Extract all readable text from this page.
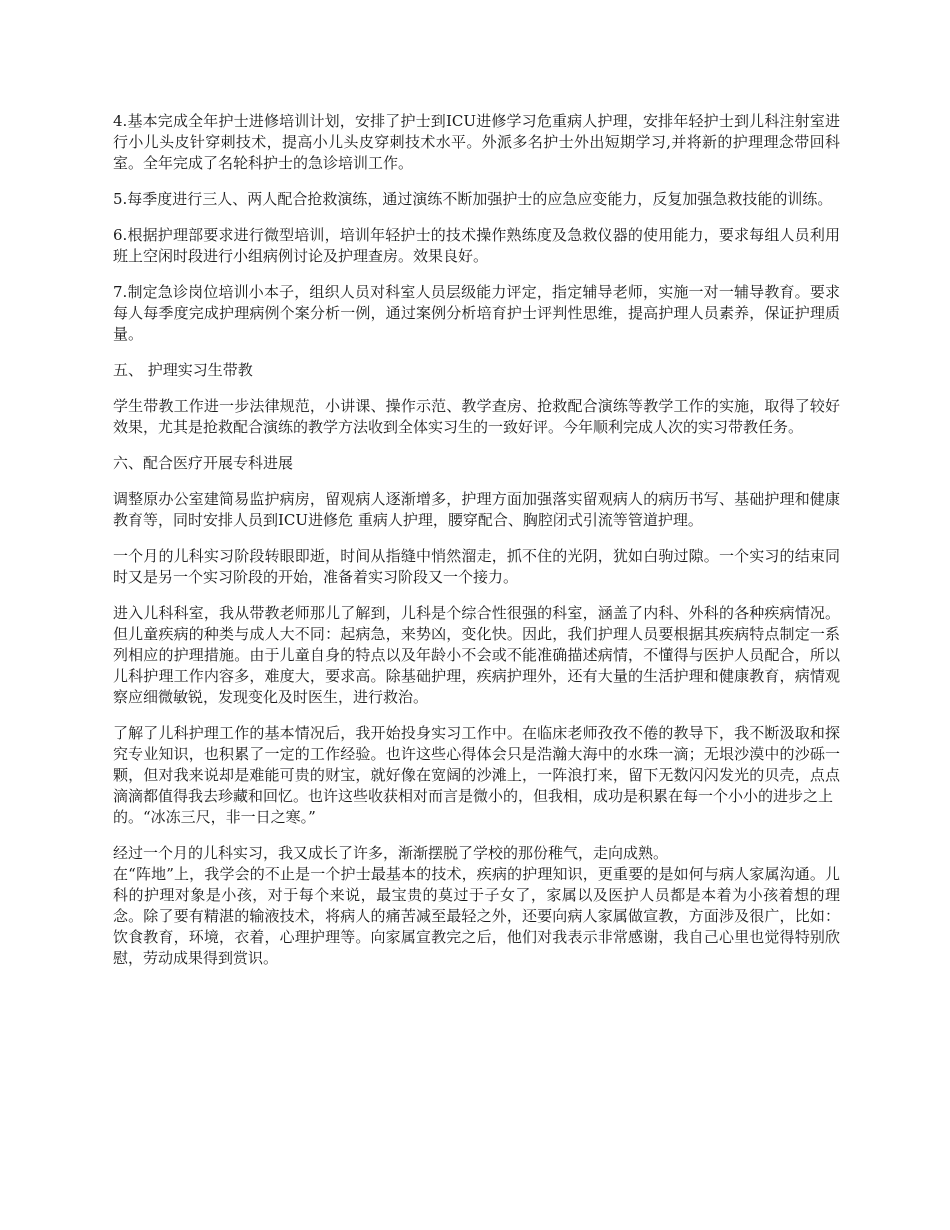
4.基本完成全年护士进修培训计划，安排了护士到ICU进修学习危重病人护理，安排年轻护士到儿科注射室进行小儿头皮针穿刺技术，提高小儿头皮穿刺技术水平。外派多名护士外出短期学习,并将新的护理理念带回科室。全年完成了名轮科护士的急诊培训工作。

5.每季度进行三人、两人配合抢救演练，通过演练不断加强护士的应急应变能力，反复加强急救技能的训练。

6.根据护理部要求进行微型培训，培训年轻护士的技术操作熟练度及急救仪器的使用能力，要求每组人员利用班上空闲时段进行小组病例讨论及护理查房。效果良好。

7.制定急诊岗位培训小本子，组织人员对科室人员层级能力评定，指定辅导老师，实施一对一辅导教育。要求每人每季度完成护理病例个案分析一例，通过案例分析培育护士评判性思维，提高护理人员素养，保证护理质量。

五、 护理实习生带教

学生带教工作进一步法律规范，小讲课、操作示范、教学查房、抢救配合演练等教学工作的实施，取得了较好效果，尤其是抢救配合演练的教学方法收到全体实习生的一致好评。今年顺利完成人次的实习带教任务。

六、配合医疗开展专科进展

调整原办公室建简易监护病房，留观病人逐渐增多，护理方面加强落实留观病人的病历书写、基础护理和健康教育等，同时安排人员到ICU进修危 重病人护理，腰穿配合、胸腔闭式引流等管道护理。

一个月的儿科实习阶段转眼即逝，时间从指缝中悄然溜走，抓不住的光阴，犹如白驹过隙。一个实习的结束同时又是另一个实习阶段的开始，准备着实习阶段又一个接力。

进入儿科科室，我从带教老师那儿了解到，儿科是个综合性很强的科室，涵盖了内科、外科的各种疾病情况。但儿童疾病的种类与成人大不同：起病急，来势凶，变化快。因此，我们护理人员要根据其疾病特点制定一系列相应的护理措施。由于儿童自身的特点以及年龄小不会或不能准确描述病情，不懂得与医护人员配合，所以儿科护理工作内容多，难度大，要求高。除基础护理，疾病护理外，还有大量的生活护理和健康教育，病情观察应细微敏锐，发现变化及时医生，进行救治。

了解了儿科护理工作的基本情况后，我开始投身实习工作中。在临床老师孜孜不倦的教导下，我不断汲取和探究专业知识，也积累了一定的工作经验。也许这些心得体会只是浩瀚大海中的水珠一滴；无垠沙漠中的沙砾一颗，但对我来说却是难能可贵的财宝，就好像在宽阔的沙滩上，一阵浪打来，留下无数闪闪发光的贝壳，点点滴滴都值得我去珍藏和回忆。也许这些收获相对而言是微小的，但我相，成功是积累在每一个小小的进步之上
的。“冰冻三尺，非一日之寒。”

经过一个月的儿科实习，我又成长了许多，渐渐摆脱了学校的那份稚气，走向成熟。
在“阵地”上，我学会的不止是一个护士最基本的技术，疾病的护理知识，更重要的是如何与病人家属沟通。儿科的护理对象是小孩，对于每个来说，最宝贵的莫过于子女了，家属以及医护人员都是本着为小孩着想的理念。除了要有精湛的输液技术，将病人的痛苦减至最轻之外，还要向病人家属做宣教，方面涉及很广，比如：饮食教育，环境，衣着，心理护理等。向家属宣教完之后，他们对我表示非常感谢，我自己心里也觉得特别欣慰，劳动成果得到赏识。
